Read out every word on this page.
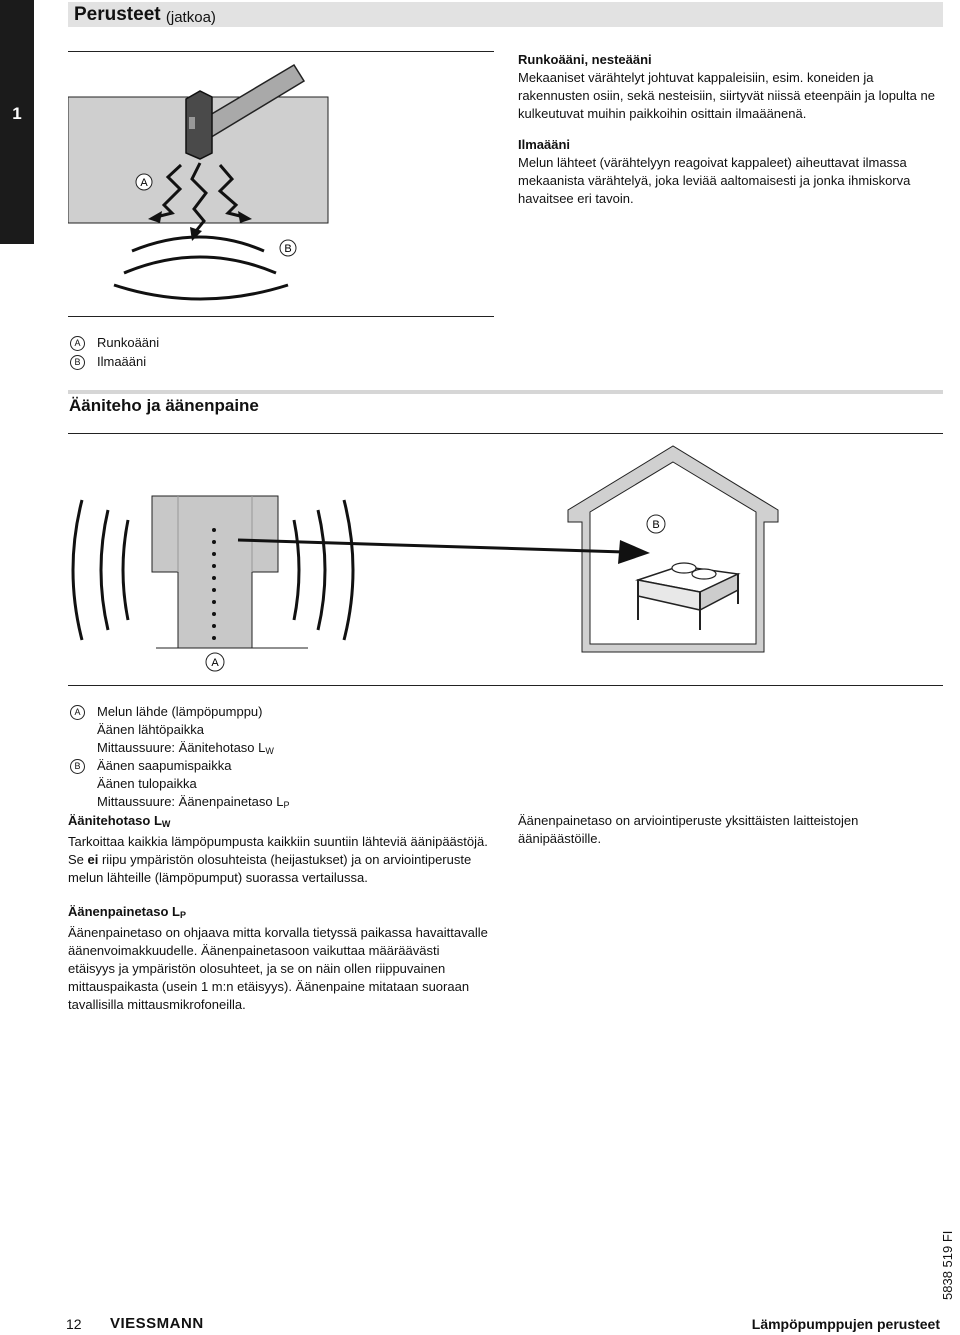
Perusteet (jatkoa)
1
A
B
Runkoääni, nesteääni
Mekaaniset värähtelyt johtuvat kappaleisiin, esim. koneiden ja rakennusten osiin, sekä nesteisiin, siirtyvät niissä eteenpäin ja lopulta ne kulkeutuvat muihin paikkoihin osittain ilmaäänenä.
Ilmaääni
Melun lähteet (värähtelyyn reagoivat kappaleet) aiheuttavat ilmassa mekaanista värähtelyä, joka leviää aaltomaisesti ja jonka ihmiskorva havaitsee eri tavoin.
A	Runkoääni
B	Ilmaääni
Ääniteho ja äänenpaine
B
A
A	Melun lähde (lämpöpumppu)
Äänen lähtöpaikka
Mittaussuure: Äänitehotaso $L_W$
B	Äänen saapumispaikka
Äänen tulopaikka
Mittaussuure: Äänenpainetaso $L_P$
Äänitehotaso $L_W$
Tarkoittaa kaikkia lämpöpumpusta kaikkiin suuntiin lähteviä äänipäästöjä. Se ei riipu ympäristön olosuhteista (heijastukset) ja on arviointiperuste melun lähteille (lämpöpumput) suorassa vertailussa.
Äänenpainetaso on arviointiperuste yksittäisten laitteistojen äänipäästöille.
Äänenpainetaso $L_P$
Äänenpainetaso on ohjaava mitta korvalla tietyssä paikassa havaittavalle äänenvoimakkuudelle. Äänenpainetasoon vaikuttaa määräävästi etäisyys ja ympäristön olosuhteet, ja se on näin ollen riippuvainen mittauspaikasta (usein 1 m:n etäisyys). Äänenpaine mitataan suoraan tavallisilla mittausmikrofoneilla.
12 VIESSMANN	Lämpöpumppujen perusteet
5838 519 FI
